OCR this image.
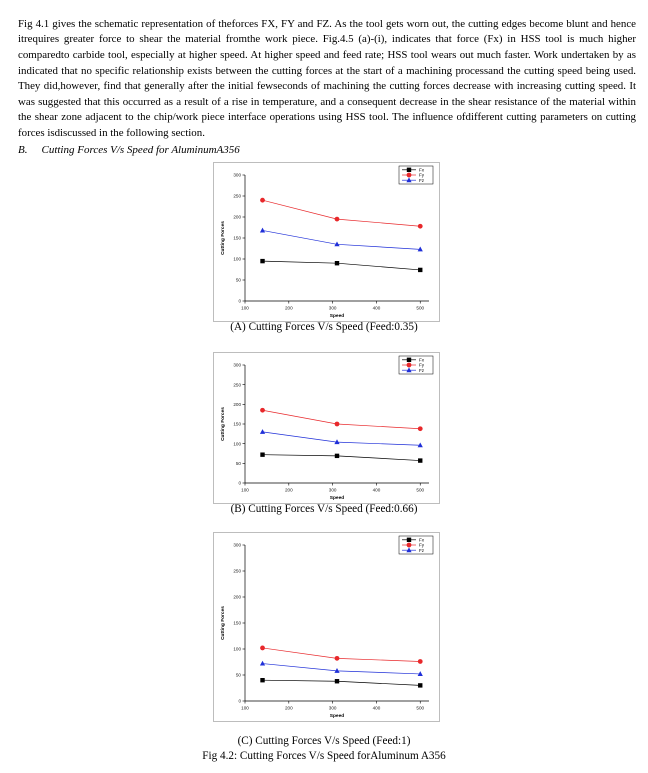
Fig 4.1 gives the schematic representation of theforces FX, FY and FZ. As the tool gets worn out, the cutting edges become blunt and hence itrequires greater force to shear the material fromthe work piece. Fig.4.5 (a)-(i), indicates that force (Fx) in HSS tool is much higher comparedto carbide tool, especially at higher speed. At higher speed and feed rate; HSS tool wears out much faster. Work undertaken by as indicated that no specific relationship exists between the cutting forces at the start of a machining processand the cutting speed being used. They did,however, find that generally after the initial fewseconds of machining the cutting forces decrease with increasing cutting speed. It was suggested that this occurred as a result of a rise in temperature, and a consequent decrease in the shear resistance of the material within the shear zone adjacent to the chip/work piece interface operations using HSS tool. The influence ofdifferent cutting parameters on cutting forces isdiscussed in the following section.

B. Cutting Forces V/s Speed for AluminumA356
100	200	300	400	500
0
50
100
150
200
250
300
Speed
Cutting Forces
Fx
Fy
Fz
(A) Cutting Forces V/s Speed (Feed:0.35)
100	200	300	400	500
0
50
100
150
200
250
300
Speed
Cutting Forces
Fx
Fy
Fz
(B) Cutting Forces V/s Speed (Feed:0.66)
100	200	300	400	500
0
50
100
150
200
250
300
Speed
Cutting Forces
Fx
Fy
Fz
(C) Cutting Forces V/s Speed (Feed:1)
Fig 4.2: Cutting Forces V/s Speed forAluminum A356
